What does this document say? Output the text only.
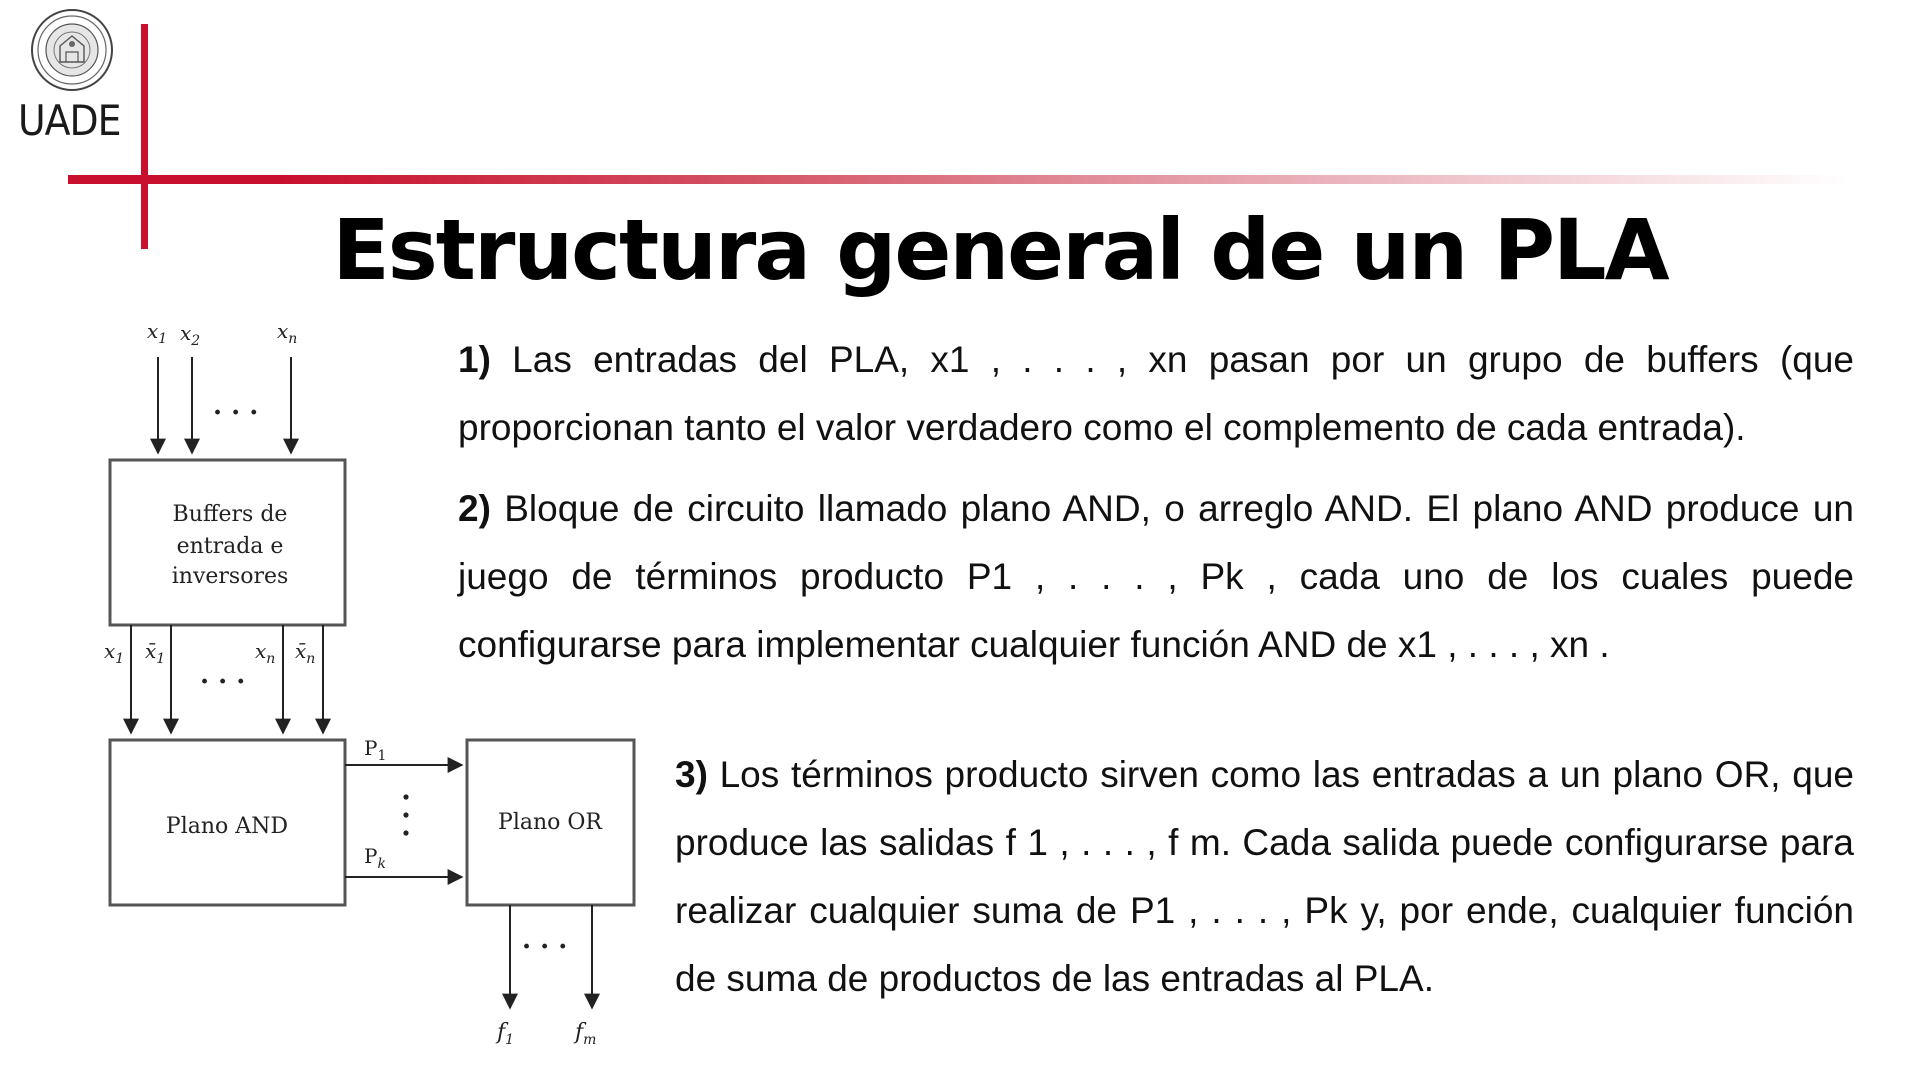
UADE
Estructura general de un PLA
$x_1$ $x_2$	$x_n$
· · ·
Buffers de
entrada e
inversores
$x_1$ $x̄_1$	$x_n$ $x̄_n$
· · ·
Plano AND
$P_1$
$P_k$
Plano OR
· · ·
$f_1$	$f_m$

1) Las entradas del PLA, x1 , . . . , xn pasan por un grupo de buffers (que proporcionan tanto el valor verdadero como el complemento de cada entrada).

2) Bloque de circuito llamado plano AND, o arreglo AND. El plano AND produce un juego de términos producto P1 , . . . , Pk , cada uno de los cuales puede configurarse para implementar cualquier función AND de x1 , . . . , xn .

3) Los términos producto sirven como las entradas a un plano OR, que produce las salidas f 1 , . . . , f m. Cada salida puede configurarse para realizar cualquier suma de P1 , . . . , Pk y, por ende, cualquier función de suma de productos de las entradas al PLA.
